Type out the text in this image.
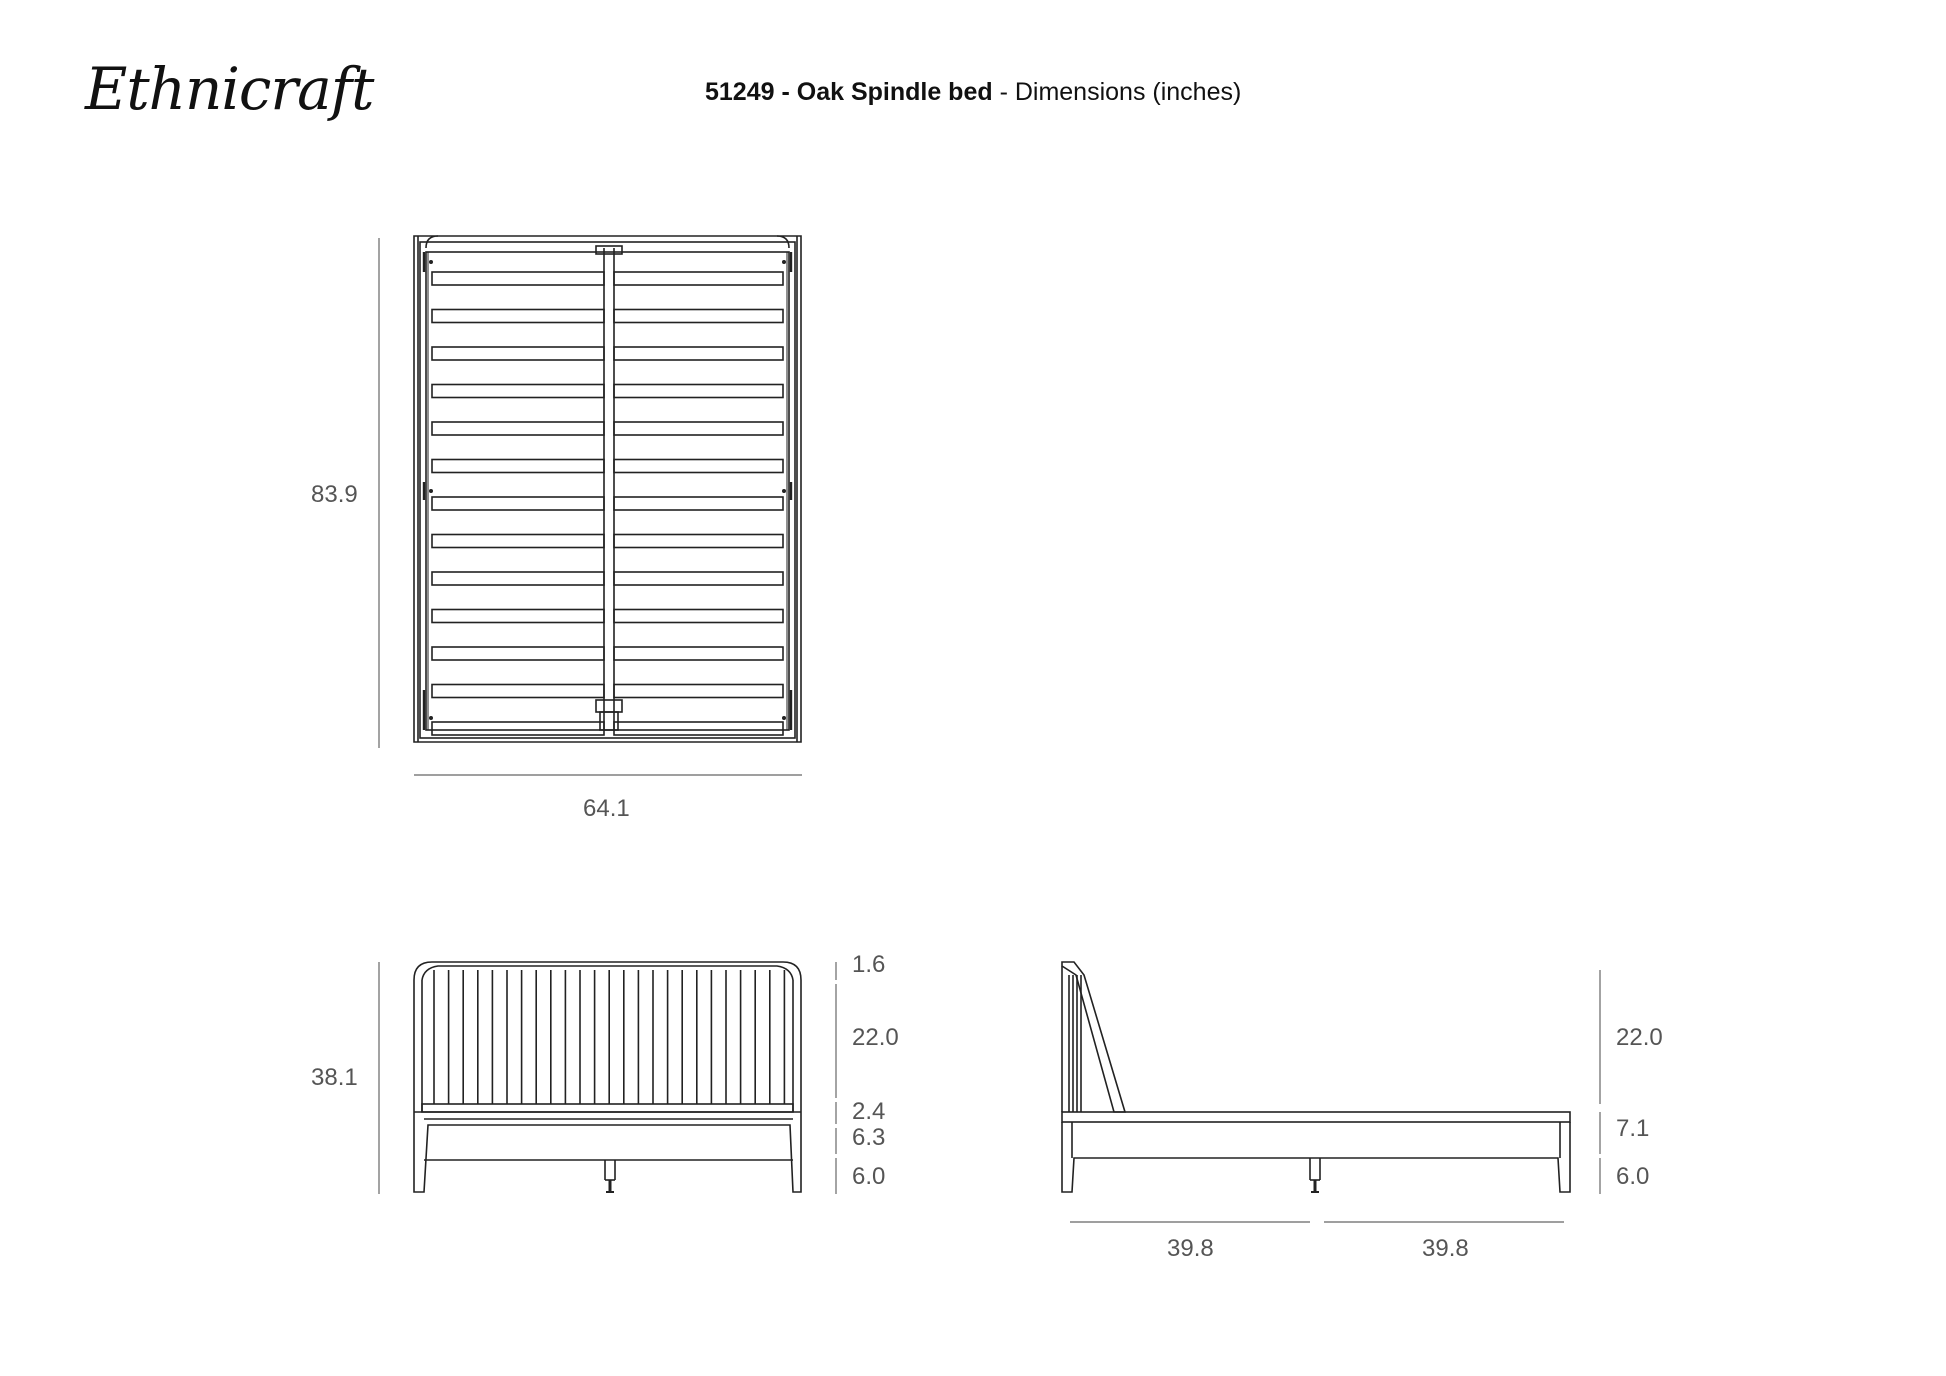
Ethnicraft	51249 - Oak Spindle bed - Dimensions (inches)
83.9
64.1
38.1
1.6
22.0
2.4
6.3
6.0
22.0
7.1
6.0
39.8	39.8
